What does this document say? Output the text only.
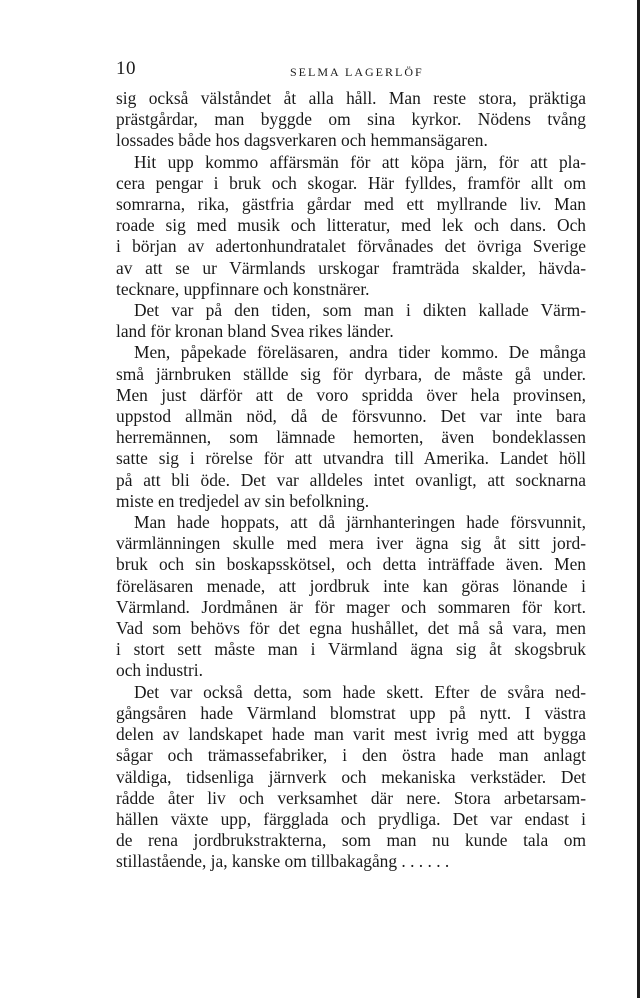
10	SELMA LAGERLÖF
sig också välståndet åt alla håll. Man reste stora, präktiga
prästgårdar, man byggde om sina kyrkor. Nödens tvång
lossades både hos dagsverkaren och hemmansägaren.
Hit upp kommo affärsmän för att köpa järn, för att pla-
cera pengar i bruk och skogar. Här fylldes, framför allt om
somrarna, rika, gästfria gårdar med ett myllrande liv. Man
roade sig med musik och litteratur, med lek och dans. Och
i början av adertonhundratalet förvånades det övriga Sverige
av att se ur Värmlands urskogar framträda skalder, hävda-
tecknare, uppfinnare och konstnärer.
Det var på den tiden, som man i dikten kallade Värm-
land för kronan bland Svea rikes länder.
Men, påpekade föreläsaren, andra tider kommo. De många
små järnbruken ställde sig för dyrbara, de måste gå under.
Men just därför att de voro spridda över hela provinsen,
uppstod allmän nöd, då de försvunno. Det var inte bara
herremännen, som lämnade hemorten, även bondeklassen
satte sig i rörelse för att utvandra till Amerika. Landet höll
på att bli öde. Det var alldeles intet ovanligt, att socknarna
miste en tredjedel av sin befolkning.
Man hade hoppats, att då järnhanteringen hade försvunnit,
värmlänningen skulle med mera iver ägna sig åt sitt jord-
bruk och sin boskapsskötsel, och detta inträffade även. Men
föreläsaren menade, att jordbruk inte kan göras lönande i
Värmland. Jordmånen är för mager och sommaren för kort.
Vad som behövs för det egna hushållet, det må så vara, men
i stort sett måste man i Värmland ägna sig åt skogsbruk
och industri.
Det var också detta, som hade skett. Efter de svåra ned-
gångsåren hade Värmland blomstrat upp på nytt. I västra
delen av landskapet hade man varit mest ivrig med att bygga
sågar och trämassefabriker, i den östra hade man anlagt
väldiga, tidsenliga järnverk och mekaniska verkstäder. Det
rådde åter liv och verksamhet där nere. Stora arbetarsam-
hällen växte upp, färgglada och prydliga. Det var endast i
de rena jordbrukstrakterna, som man nu kunde tala om
stillastående, ja, kanske om tillbakagång . . . . . .
